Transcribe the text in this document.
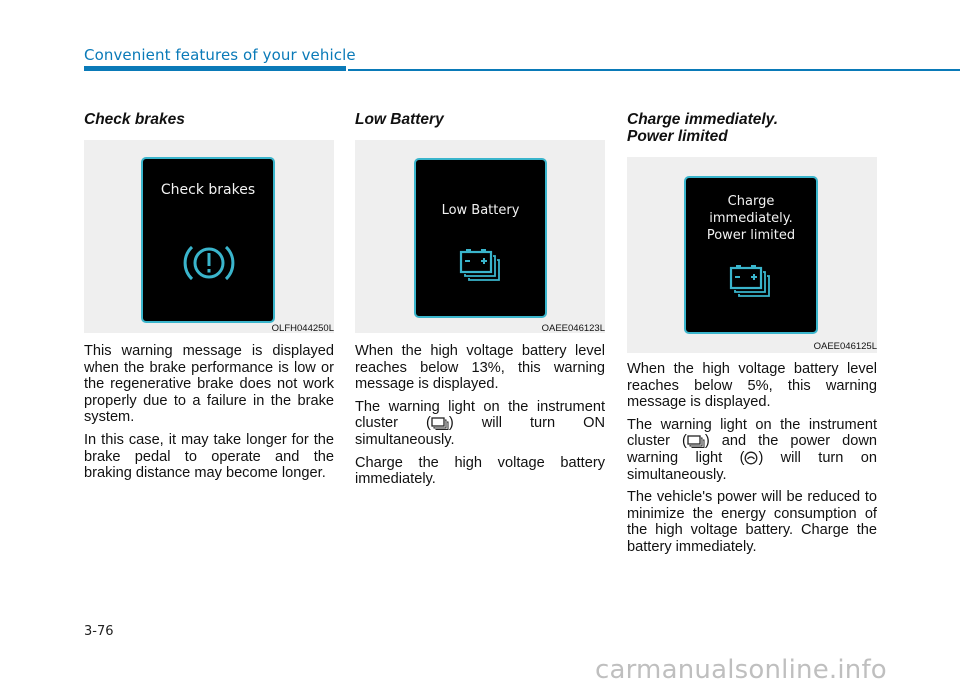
Convenient features of your vehicle
Check brakes
Check brakes
OLFH044250L

This warning message is displayed when the brake performance is low or the regenerative brake does not work properly due to a failure in the brake system.

In this case, it may take longer for the brake pedal to operate and the braking distance may become longer.

Low Battery
Low Battery
OAEE046123L

When the high voltage battery level reaches below 13%, this warning message is displayed.

The warning light on the instrument cluster ( ) will turn ON simultaneously.

Charge the high voltage battery immediately.

Charge immediately.
Power limited
Charge
immediately.
Power limited
OAEE046125L

When the high voltage battery level reaches below 5%, this warning message is displayed.

The warning light on the instrument cluster ( ) and the power down warning light ( ) will turn on simultaneously.

The vehicle's power will be reduced to minimize the energy consumption of the high voltage battery. Charge the battery immediately.

3-76
carmanualsonline.info
